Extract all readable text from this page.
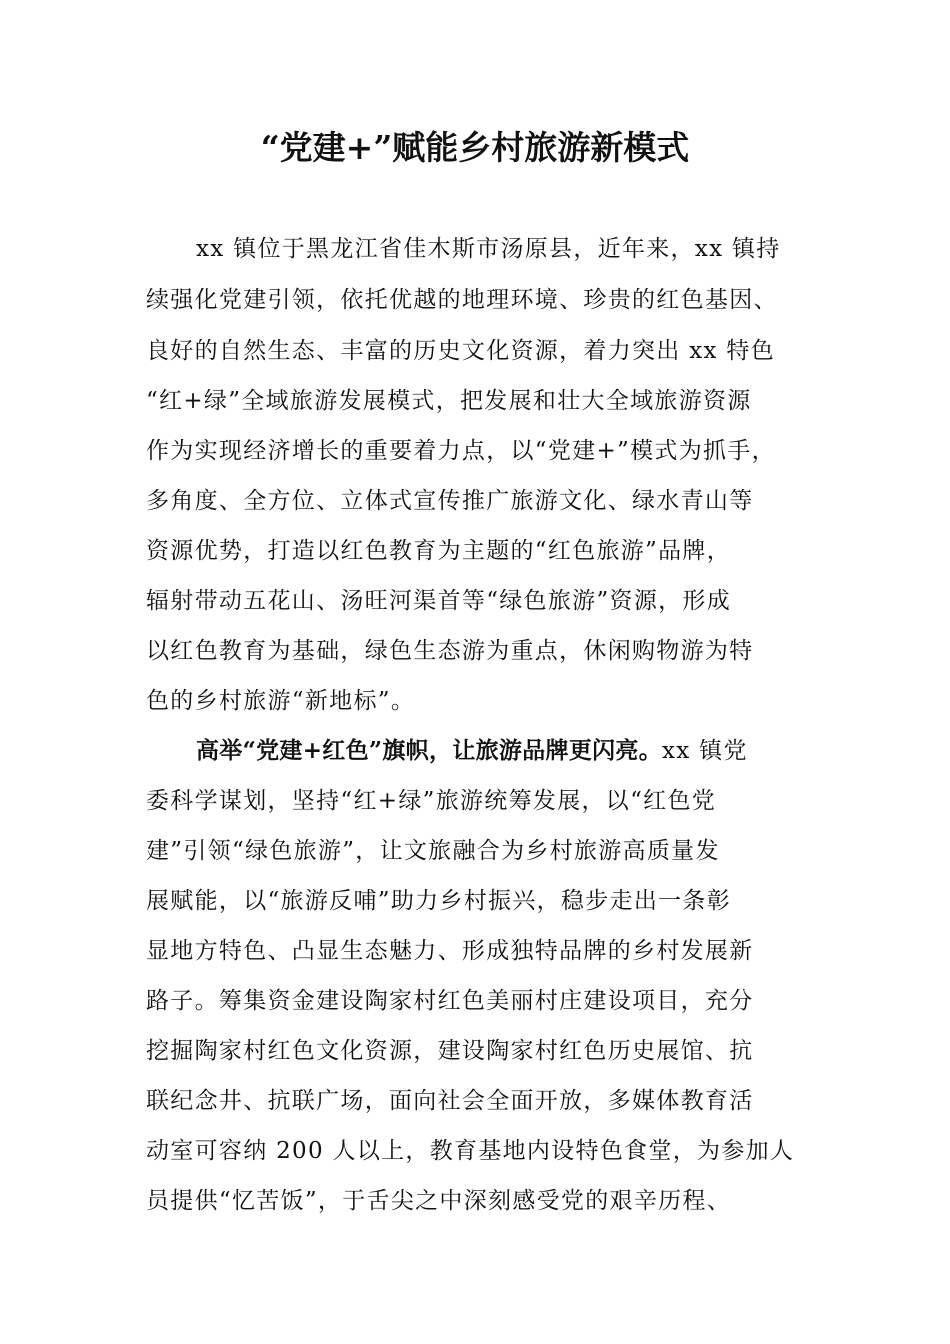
“党建+”赋能乡村旅游新模式
xx 镇位于黑龙江省佳木斯市汤原县，近年来，xx 镇持
续强化党建引领，依托优越的地理环境、珍贵的红色基因、
良好的自然生态、丰富的历史文化资源，着力突出 xx 特色
“红+绿”全域旅游发展模式，把发展和壮大全域旅游资源
作为实现经济增长的重要着力点，以“党建+”模式为抓手，
多角度、全方位、立体式宣传推广旅游文化、绿水青山等
资源优势，打造以红色教育为主题的“红色旅游”品牌，
辐射带动五花山、汤旺河渠首等“绿色旅游”资源，形成
以红色教育为基础，绿色生态游为重点，休闲购物游为特
色的乡村旅游“新地标”。
高举“党建+红色”旗帜，让旅游品牌更闪亮。xx 镇党
委科学谋划，坚持“红+绿”旅游统筹发展，以“红色党
建”引领“绿色旅游”，让文旅融合为乡村旅游高质量发
展赋能，以“旅游反哺”助力乡村振兴，稳步走出一条彰
显地方特色、凸显生态魅力、形成独特品牌的乡村发展新
路子。筹集资金建设陶家村红色美丽村庄建设项目，充分
挖掘陶家村红色文化资源，建设陶家村红色历史展馆、抗
联纪念井、抗联广场，面向社会全面开放，多媒体教育活
动室可容纳 200 人以上，教育基地内设特色食堂，为参加人
员提供“忆苦饭”，于舌尖之中深刻感受党的艰辛历程、
